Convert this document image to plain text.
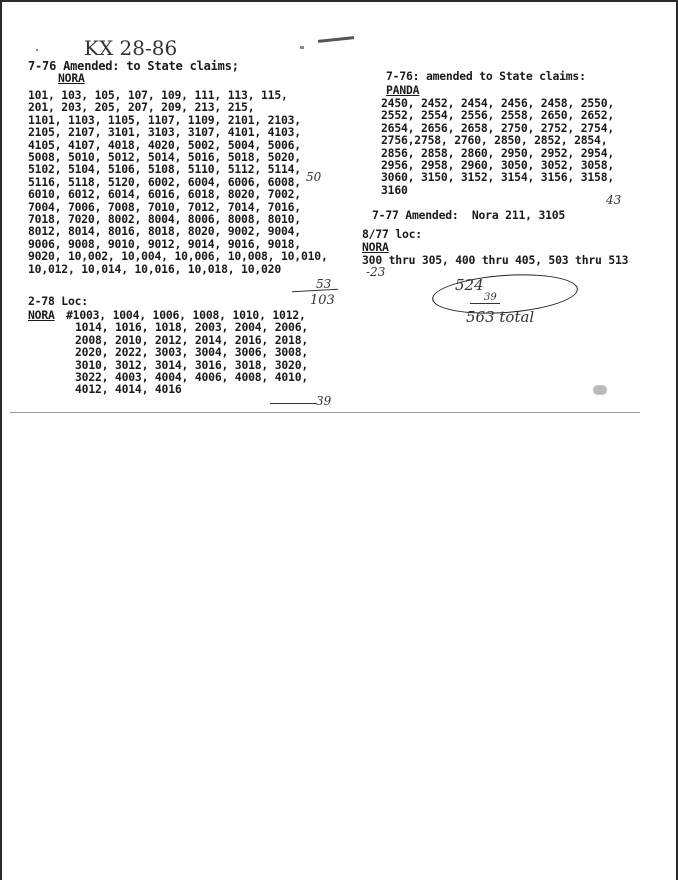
KX 28-86
7-76 Amended: to State claims;
NORA
101, 103, 105, 107, 109, 111, 113, 115,
201, 203, 205, 207, 209, 213, 215,
1101, 1103, 1105, 1107, 1109, 2101, 2103,
2105, 2107, 3101, 3103, 3107, 4101, 4103,
4105, 4107, 4018, 4020, 5002, 5004, 5006,
5008, 5010, 5012, 5014, 5016, 5018, 5020,
5102, 5104, 5106, 5108, 5110, 5112, 5114,
5116, 5118, 5120, 6002, 6004, 6006, 6008,
6010, 6012, 6014, 6016, 6018, 8020, 7002,
7004, 7006, 7008, 7010, 7012, 7014, 7016,
7018, 7020, 8002, 8004, 8006, 8008, 8010,
8012, 8014, 8016, 8018, 8020, 9002, 9004,
9006, 9008, 9010, 9012, 9014, 9016, 9018,
9020, 10,002, 10,004, 10,006, 10,008, 10,010,
10,012, 10,014, 10,016, 10,018, 10,020
50
53
103
2-78 Loc:
NORA #1003, 1004, 1006, 1008, 1010, 1012,
1014, 1016, 1018, 2003, 2004, 2006,
2008, 2010, 2012, 2014, 2016, 2018,
2020, 2022, 3003, 3004, 3006, 3008,
3010, 3012, 3014, 3016, 3018, 3020,
3022, 4003, 4004, 4006, 4008, 4010,
4012, 4014, 4016
39
7-76: amended to State claims:
PANDA
2450, 2452, 2454, 2456, 2458, 2550,
2552, 2554, 2556, 2558, 2650, 2652,
2654, 2656, 2658, 2750, 2752, 2754,
2756,2758, 2760, 2850, 2852, 2854,
2856, 2858, 2860, 2950, 2952, 2954,
2956, 2958, 2960, 3050, 3052, 3058,
3060, 3150, 3152, 3154, 3156, 3158,
3160
43
7-77 Amended:  Nora 211, 3105
8/77 loc:
NORA
300 thru 305, 400 thru 405, 503 thru 513
-23
524
39
563 total
